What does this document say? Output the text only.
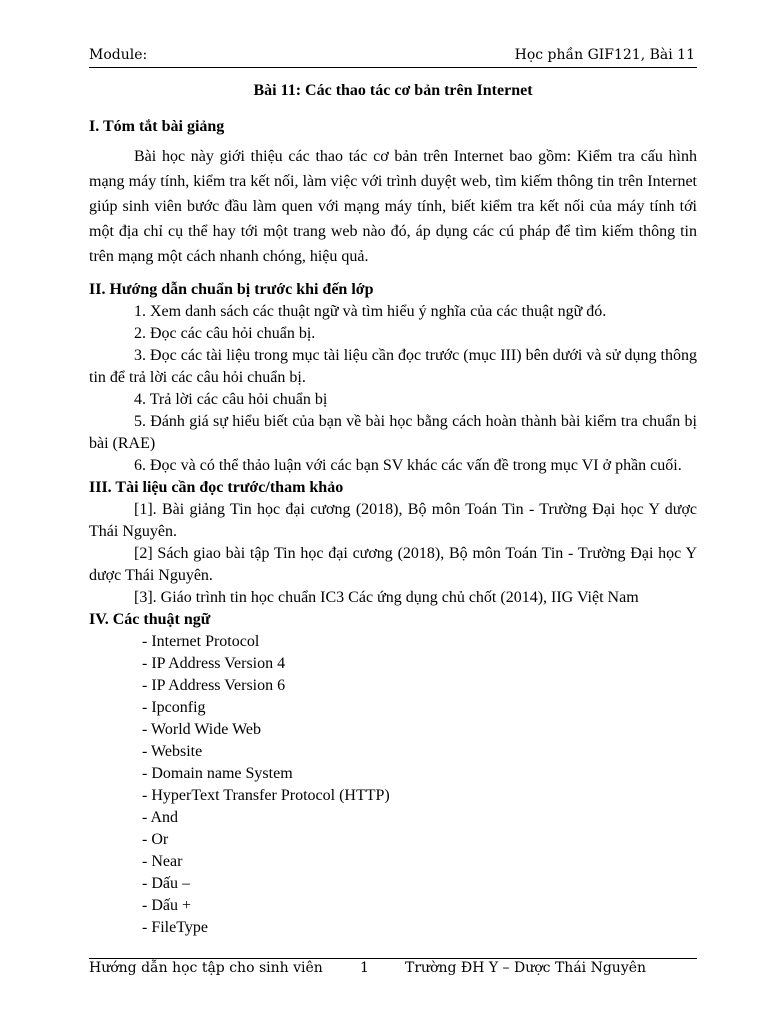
Module:	Học phần GIF121, Bài 11
Bài 11: Các thao tác cơ bản trên Internet
I. Tóm tắt bài giảng

Bài học này giới thiệu các thao tác cơ bản trên Internet bao gồm: Kiểm tra cấu hình mạng máy tính, kiểm tra kết nối, làm việc với trình duyệt web, tìm kiếm thông tin trên Internet giúp sinh viên bước đầu làm quen với mạng máy tính, biết kiểm tra kết nối của máy tính tới một địa chỉ cụ thể hay tới một trang web nào đó, áp dụng các cú pháp để tìm kiếm thông tin trên mạng một cách nhanh chóng, hiệu quả.

II. Hướng dẫn chuẩn bị trước khi đến lớp

1. Xem danh sách các thuật ngữ và tìm hiểu ý nghĩa của các thuật ngữ đó.

2. Đọc các câu hỏi chuẩn bị.

3. Đọc các tài liệu trong mục tài liệu cần đọc trước (mục III) bên dưới và sử dụng thông tin để trả lời các câu hỏi chuẩn bị.

4. Trả lời các câu hỏi chuẩn bị

5. Đánh giá sự hiểu biết của bạn về bài học bằng cách hoàn thành bài kiểm tra chuẩn bị bài (RAE)

6. Đọc và có thể thảo luận với các bạn SV khác các vấn đề trong mục VI ở phần cuối.

III. Tài liệu cần đọc trước/tham khảo

[1]. Bài giảng Tin học đại cương (2018), Bộ môn Toán Tin - Trường Đại học Y dược Thái Nguyên.

[2] Sách giao bài tập Tin học đại cương (2018), Bộ môn Toán Tin - Trường Đại học Y dược Thái Nguyên.

[3]. Giáo trình tin học chuẩn IC3 Các ứng dụng chủ chốt (2014), IIG Việt Nam

IV. Các thuật ngữ

- Internet Protocol

- IP Address Version 4

- IP Address Version 6

- Ipconfig

- World Wide Web

- Website

- Domain name System

- HyperText Transfer Protocol (HTTP)

- And

- Or

- Near

- Dấu –

- Dấu +

- FileType

Hướng dẫn học tập cho sinh viên	1	Trường ĐH Y – Dược Thái Nguyên
